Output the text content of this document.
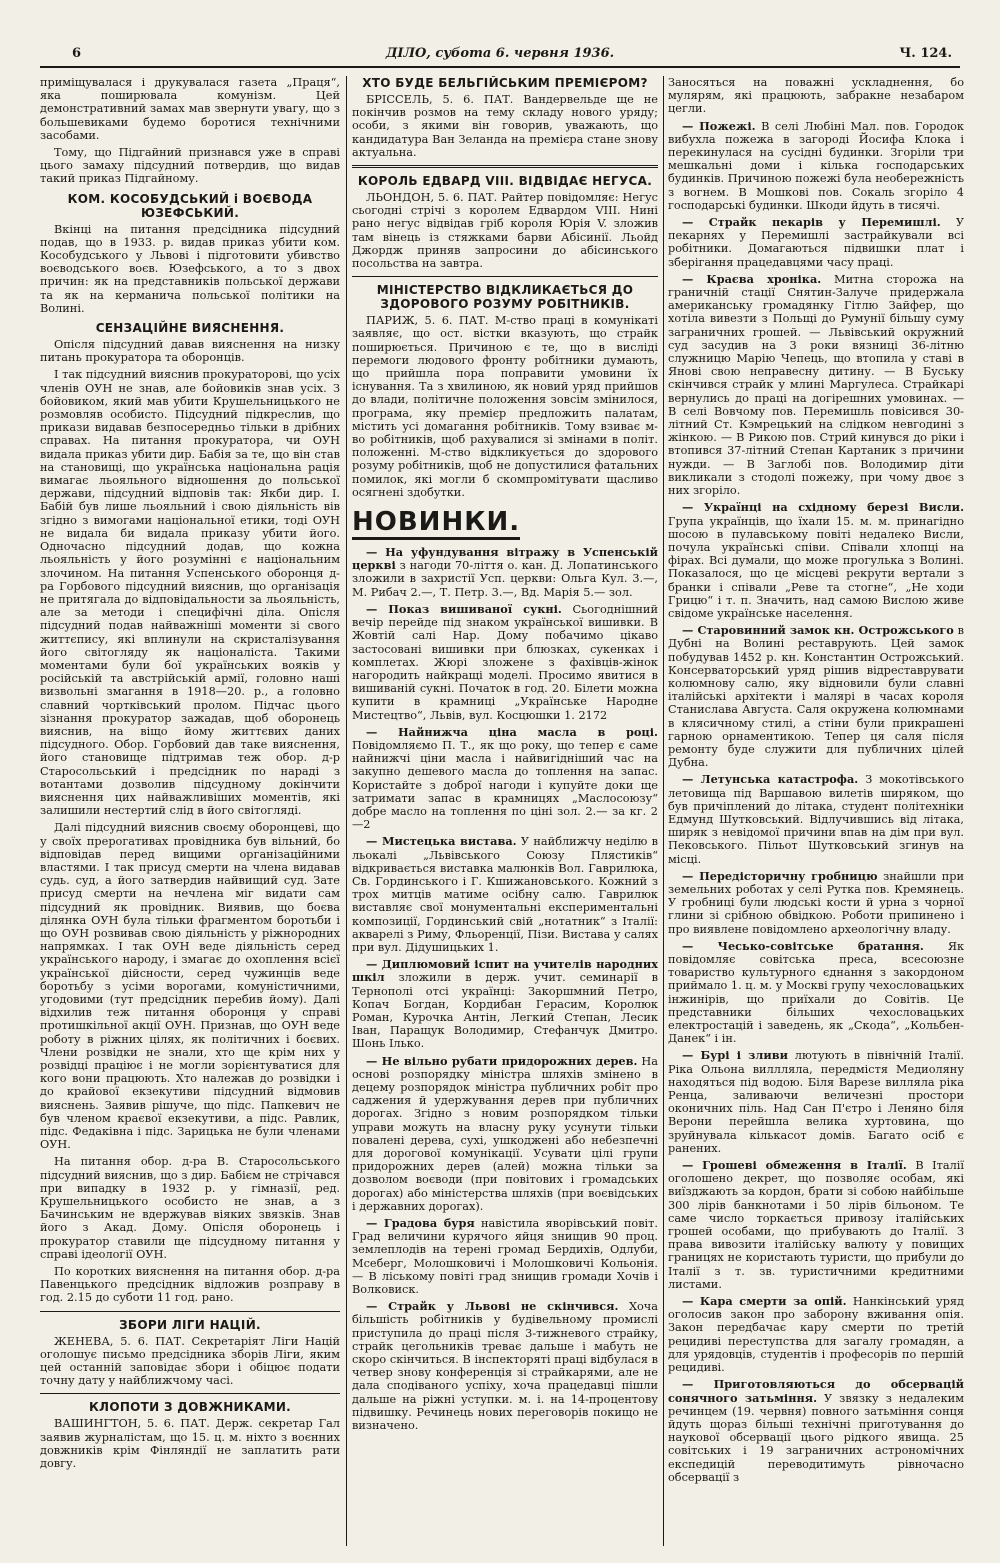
6	ДІЛО, субота 6. червня 1936.	Ч. 124.

приміщувалася і друкувалася газета „Праця“, яка поширювала комунізм. Цей демонстративний замах мав звернути увагу, що з большевиками будемо боротися технічними засобами.

Тому, що Підгайний признався уже в справі цього замаху підсудний потвердив, що видав такий приказ Підгайному.

КОМ. КОСОБУДСЬКИЙ і ВОЄВОДА ЮЗЕФСЬКИЙ.

Вкінці на питання предсідника підсудний подав, що в 1933. р. видав приказ убити ком. Кособудського у Львові і підготовити убивство воєводського воєв. Юзефського, а то з двох причин: як на представників польської держави та як на керманича польської політики на Волині.

СЕНЗАЦІЙНЕ ВИЯСНЕННЯ.

Опісля підсудний давав вияснення на низку питань прокуратора та оборонців.

І так підсудний вияснив прокураторові, що усіх членів ОУН не знав, але бойовиків знав усіх. З бойовиком, який мав убити Крушельницького не розмовляв особисто. Підсудний підкреслив, що прикази видавав безпосередньо тільки в дрібних справах. На питання прокуратора, чи ОУН видала приказ убити дир. Бабія за те, що він став на становищі, що українська національна рація вимагає льояльного відношення до польської держави, підсудний відповів так: Якби дир. І. Бабій був лише льояльний і свою діяльність вів згідно з вимогами національної етики, тоді ОУН не видала би видала приказу убити його. Одночасно підсудний додав, що кожна льояльність у його розумінні є національним злочином. На питання Успенського оборонця д-ра Горбового підсудний вияснив, що організація не притягала до відповідальности за льояльність, але за методи і специфічні діла. Опісля підсудний подав найважніші моменти зі свого життєпису, які вплинули на скристалізування його світогляду як націоналіста. Такими моментами були бої українських вояків у російській та австрійській армії, головно наші визвольні змагання в 1918—20. р., а головно славний чортківський пролом. Підчас цього зізнання прокуратор зажадав, щоб оборонець вияснив, на віщо йому життєвих даних підсудного. Обор. Горбовий дав таке вияснення, його становище підтримав теж обор. д-р Старосольський і предсідник по нараді з вотантами дозволив підсудному докінчити вияснення цих найважливіших моментів, які залишили нестертий слід в його світогляді.

Далі підсудний вияснив своєму оборонцеві, що у своїх прерогативах провідника був вільний, бо відповідав перед вищими організаційними властями. І так присуд смерти на члена видавав судь. суд, а його затвердив найвищий суд. Зате присуд смерти на нечлена міг видати сам підсудний як провідник. Виявив, що боєва ділянка ОУН була тільки фрагментом боротьби і що ОУН розвивав свою діяльність у ріжнородних напрямках. І так ОУН веде діяльність серед українського народу, і змагає до охоплення всієї української дійсности, серед чужинців веде боротьбу з усіми ворогами, комуністичними, угодовими (тут предсідник перебив йому). Далі відхилив теж питання оборонця у справі протишкільної акції ОУН. Признав, що ОУН веде роботу в ріжних цілях, як політичних і боєвих. Члени розвідки не знали, хто ще крім них у розвідці праціює і не могли зорієнтуватися для кого вони працюють. Хто належав до розвідки і до крайової екзекутиви підсудний відмовив вияснень. Заявив рішуче, що підс. Папкевич не був членом краєвої екзекутиви, а підс. Равлик, підс. Федаківна і підс. Зарицька не були членами ОУН.

На питання обор. д-ра В. Старосольського підсудний вияснив, що з дир. Бабієм не стрічався при випадку в 1932 р. у гімназії, ред. Крушельницького особисто не знав, а з Бачинським не вдержував віяких звязків. Знав його з Акад. Дому. Опісля оборонець і прокуратор ставили ще підсудному питання у справі ідеології ОУН.

По коротких вияснення на питання обор. д-ра Павенцького предсідник відложив розправу в год. 2.15 до суботи 11 год. рано.

ЗБОРИ ЛІГИ НАЦІЙ.

ЖЕНЕВА, 5. 6. ПАТ. Секретаріят Ліги Націй оголошує письмо предсідника зборів Ліги, яким цей останній заповідає збори і обіцює подати точну дату у найближчому часі.

КЛОПОТИ З ДОВЖНИКАМИ.

ВАШИНГТОН, 5. 6. ПАТ. Держ. секретар Гал заявив журналістам, що 15. ц. м. ніхто з воєнних довжників крім Фінляндії не заплатить рати довгу.

ХТО БУДЕ БЕЛЬГІЙСЬКИМ ПРЕМІЄРОМ?

БРІССЕЛЬ, 5. 6. ПАТ. Вандервельде ще не покінчив розмов на тему складу нового уряду; особи, з якими він говорив, уважають, що кандидатура Ван Зеланда на премієра стане знову актуальна.

КОРОЛЬ ЕДВАРД VIII. ВІДВІДАЄ НЕГУСА.

ЛЬОНДОН, 5. 6. ПАТ. Райтер повідомляє: Негус сьогодні стрічі з королем Едвардом VIII. Нині рано негус відвідав гріб короля Юрія V. зложив там вінець із стяжками барви Абісинії. Льойд Джордж приняв запросини до абісинського посольства на завтра.

МІНІСТЕРСТВО ВІДКЛИКАЄТЬСЯ ДО ЗДОРОВОГО РОЗУМУ РОБІТНИКІВ.

ПАРИЖ, 5. 6. ПАТ. М-ство праці в комунікаті заявляє, що ост. вістки вказують, що страйк поширюється. Причиною є те, що в висліді перемоги людового фронту робітники думають, що прийшла пора поправити умовини їх існування. Та з хвилиною, як новий уряд прийшов до влади, політичне положення зовсім змінилося, програма, яку премієр предложить палатам, містить усі домагання робітників. Тому взиває м-во робітників, щоб рахувалися зі змінами в політ. положенні. М-ство відкликується до здорового розуму робітників, щоб не допустилися фатальних помилок, які могли б скомпромітувати щасливо осягнені здобутки.

НОВИНКИ.

— На уфундування вітражу в Успенській церкві з нагоди 70-ліття о. кан. Д. Лопатинського зложили в захристії Усп. церкви: Ольга Кул. 3.—, М. Рибач 2.—, Т. Петр. 3.—, Вд. Марія 5.— зол.

— Показ вишиваної сукні. Сьогоднішний вечір перейде під знаком української вишивки. В Жовтій салі Нар. Дому побачимо цікаво застосовані вишивки при блюзках, сукенках і комплетах. Жюрі зложене з фахівців-жінок нагородить найкращі моделі. Просимо явитися в вишиваній сукні. Початок в год. 20. Білети можна купити в крамниці „Українське Народне Мистецтво“, Львів, вул. Косцюшки 1. 2172

— Найнижча ціна масла в році. Повідомляємо П. Т., як що року, що тепер є саме найнижчі ціни масла і найвигідніший час на закупно дешевого масла до топлення на запас. Користайте з доброї нагоди і купуйте доки ще затримати запас в крамницях „Маслосоюзу“ добре масло на топлення по ціні зол. 2.— за кг. 2—2

— Мистецька вистава. У найближчу неділю в льокалі „Львівського Союзу Плястиків“ відкривається виставка малюнків Вол. Гаврилюка, Св. Гординського і Г. Кшижановського. Кожний з трох митців матиме осібну салю. Гаврилюк виставляє свої монументальні експериментальні композиції, Гординський свій „нотатник“ з Італії: акварелі з Риму, Фльоренції, Пізи. Вистава у салях при вул. Дідушицьких 1.

— Диплюмовий іспит на учителів народних шкіл зложили в держ. учит. семинарії в Тернополі отсі українці: Закоршмний Петро, Копач Богдан, Кордибан Герасим, Королюк Роман, Курочка Антін, Легкий Степан, Лесик Іван, Паращук Володимир, Стефанчук Дмитро. Шонь Ілько.

— Не вільно рубати придорожних дерев. На основі розпорядку міністра шляхів змінено в децему розпорядок міністра публичних робіт про саджения й удержування дерев при публичних дорогах. Згідно з новим розпорядком тільки управи можуть на власну руку усунути тільки повалені дерева, сухі, ушкоджені або небезпечні для дорогової комунікації. Усувати цілі групи придорожних дерев (алей) можна тільки за дозволом воєводи (при повітових і громадських дорогах) або міністерства шляхів (при воєвідських і державних дорогах).

— Градова буря навістила яворівський повіт. Град величини курячого яйця знищив 90 проц. землеплодів на терені громад Бердихів, Одлуби, Мсеберг, Молошковичі і Молошковичі Кольонія. — В ліському повіті град знищив громади Хочів і Волковиск.

— Страйк у Львові не скінчився. Хоча більшість робітників у будівельному промислі приступила до праці після 3-тижневого страйку, страйк цегольників треває дальше і мабуть не скоро скінчиться. В інспекторяті праці відбулася в четвер знову конференція зі страйкарями, але не дала сподіваного успіху, хоча працедавці пішли дальше на ріжні уступки. м. і. на 14-процентову підвишку. Речинець нових переговорів покищо не визначено.

Заносяться на поважні ускладнення, бо мулярям, які працюють, забракне незабаром цегли.

— Пожежі. В селі Любіні Мал. пов. Городок вибухла пожежа в загороді Йосифа Клока і перекинулася на сусідні будинки. Згоріли три мешкальні доми і кілька господарських будинків. Причиною пожежі була необережність з вогнем. В Мошкові пов. Сокаль згоріло 4 господарські будинки. Шкоди йдуть в тисячі.

— Страйк пекарів у Перемишлі. У пекарнях у Перемишлі застрайкували всі робітники. Домагаються підвишки плат і зберігання працедавцями часу праці.

— Краєва хроніка. Митна сторожа на граничній стації Снятин-Залуче придержала американську громадянку Гітлю Зайфер, що хотіла вивезти з Польщі до Румунії більшу суму заграничних грошей. — Львівський окружний суд засудив на 3 роки вязниці 36-літню служницю Марію Чепець, що втопила у ставі в Янові свою неправесну дитину. — В Буську скінчився страйк у млині Маргулеса. Страйкарі вернулись до праці на догірешних умовинах. — В селі Вовчому пов. Перемишль повісився 30-літний Ст. Кэмрецький на слідком невгодині з жінкою. — В Рикою пов. Стрий кинувся до ріки і втопився 37-літний Степан Картаник з причини нужди. — В Заглобі пов. Володимир діти викликали з стодолі пожежу, при чому двоє з них згоріло.

— Українці на східному березі Висли. Група українців, що їхали 15. м. м. принагідно шосою в пулавському повіті недалеко Висли, почула українські співи. Співали хлопці на фірах. Всі думали, що може прогулька з Волині. Показалося, що це місцеві рекрути вертали з бранки і співали „Реве та стогне“, „Не ходи Грицю“ і т. п. Значить, над самою Вислою живе свідоме українське населення.

— Старовинний замок кн. Острожського в Дубні на Волині реставрують. Цей замок побудував 1452 р. кн. Константин Острожський. Консерваторський уряд рішив відреставрувати колюмнову салю, яку відновили були славні італійські архітекти і малярі в часах короля Станислава Августа. Саля окружена колюмнами в клясичному стилі, а стіни були прикрашені гарною орнаментикою. Тепер ця саля після ремонту буде служити для публичних цілей Дубна.

— Летунська катастрофа. З мокотівського летовища під Варшавою вилетів ширяком, що був причіплений до літака, студент політехніки Едмунд Шутковський. Відлучившись від літака, ширяк з невідомої причини впав на дім при вул. Пековського. Пільот Шутковський згинув на місці.

— Передісторичну гробницю знайшли при земельних роботах у селі Рутка пов. Кремянець. У гробниці були людські кости й урна з чорної глини зі срібною обвідкою. Роботи припинено і про виявлене повідомлено археологічну владу.

— Чесько-совітське братання. Як повідомляє совітська преса, всесоюзне товариство культурного єднання з закордоном приймало 1. ц. м. у Москві групу чехословацьких інжинірів, що приїхали до Совітів. Це представники більших чехословацьких електростацій і заведень, як „Скода“, „Кольбен-Данек“ і ін.

— Бурі і зливи лютують в північній Італії. Ріка Ольона виллляла, передмістя Медиоляну находяться під водою. Біля Варезе вилляла ріка Ренца, заливаючи величезні простори оконичних піль. Над Сан П'єтро і Леняно біля Верони перейшла велика хуртовина, що зруйнувала кількасот домів. Багато осіб є ранених.

— Грошеві обмеження в Італії. В Італії оголошено декрет, що позволяє особам, які виїзджають за кордон, брати зі собою найбільше 300 лірів банкнотами і 50 лірів більоном. Те саме число торкається привозу італійських грошей особами, що прибувають до Італії. З права вивозити італійську валюту у повищих границях не користають туристи, що прибули до Італії з т. зв. туристичними кредитними листами.

— Кара смерти за опій. Нанкінський уряд оголосив закон про заборону вживання опія. Закон передбачає кару смерти по третій рецидиві переступства для загалу громадян, а для урядовців, студентів і професорів по першій рецидиві.

— Приготовляються до обсервацій сонячного затьміння. У звязку з недалеким речинцем (19. червня) повного затьміння сонця йдуть щораз більші технічні приготування до наукової обсервації цього рідкого явища. 25 совітських і 19 заграничних астрономічних експедицій переводитимуть рівночасно обсервації з
